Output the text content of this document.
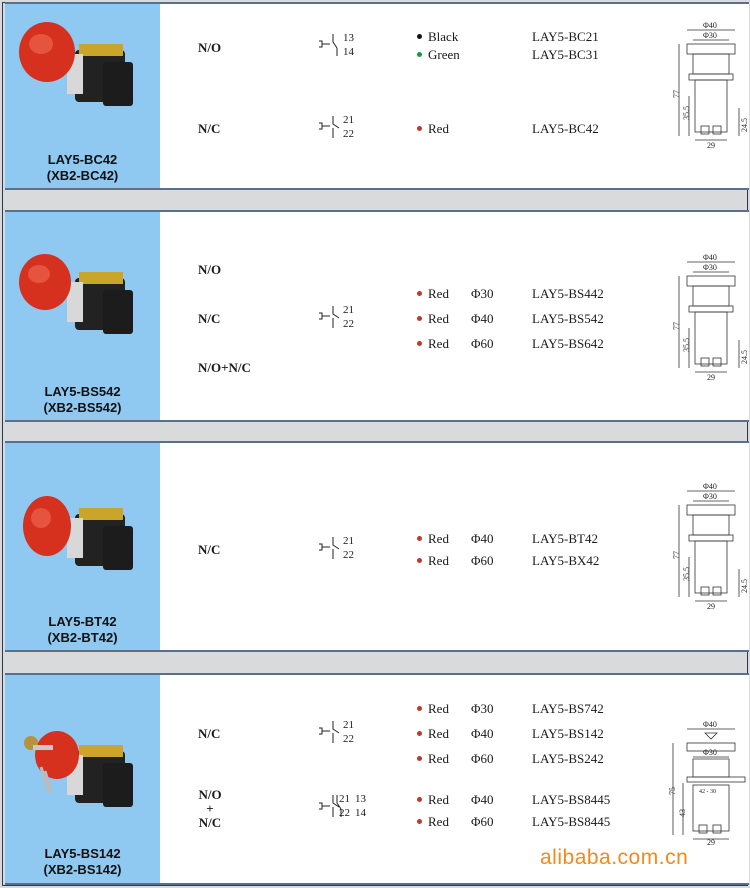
LAY5-BC42
(XB2-BC42)
N/O
N/C
13
14
21
22
Black
Green
Red
LAY5-BC21
LAY5-BC31
LAY5-BC42
Φ40
Φ30
77
35.5
24.5
29
LAY5-BS542
(XB2-BS542)
N/O
N/C
N/O+N/C
21
22
Red
Red
Red
Φ30
Φ40
Φ60
LAY5-BS442
LAY5-BS542
LAY5-BS642
Φ40
Φ30
77
35.5
24.5
29
LAY5-BT42
(XB2-BT42)
N/C
21
22
Red
Red
Φ40
Φ60
LAY5-BT42
LAY5-BX42
Φ40
Φ30
77
35.5
24.5
29
LAY5-BS142
(XB2-BS142)
N/C
N/O
+
N/C
21
22
21
22
13
14
Red
Red
Red
Red
Red
Φ30
Φ40
Φ60
Φ40
Φ60
LAY5-BS742
LAY5-BS142
LAY5-BS242
LAY5-BS8445
LAY5-BS8445
Φ40
Φ30
42 - 30
75
43
29
alibaba.com.cn
